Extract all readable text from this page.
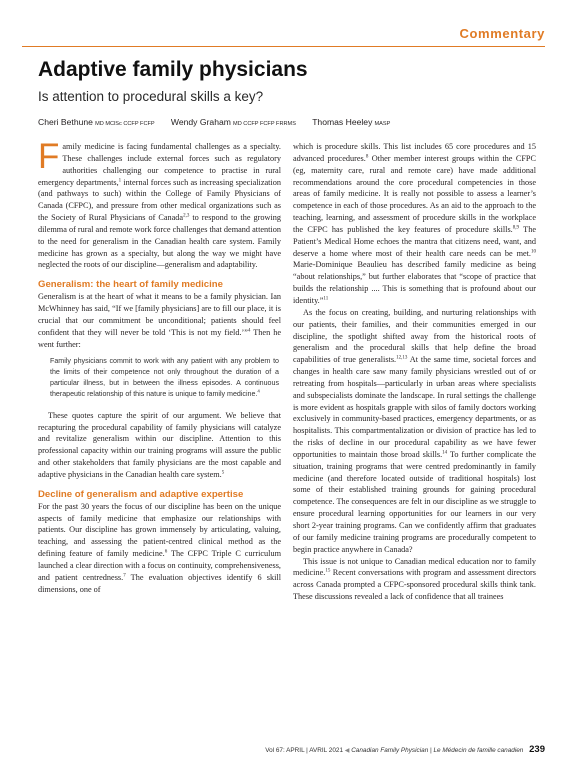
Commentary
Adaptive family physicians
Is attention to procedural skills a key?
Cheri Bethune MD MClSc CCFP FCFP Wendy Graham MD CCFP FCFP FRRMS Thomas Heeley MASP

Family medicine is facing fundamental challenges as a specialty. These challenges include external forces such as regulatory authorities challenging our competence to practise in rural emergency departments,$^1$ internal forces such as increasing specialization (and pathways to such) within the College of Family Physicians of Canada (CFPC), and pressure from other medical organizations such as the Society of Rural Physicians of Canada$^{2,3}$ to respond to the growing dilemma of rural and remote work force challenges that demand attention to the need for generalism in the Canadian health care system. Family medicine has grown as a specialty, but along the way we might have neglected the roots of our discipline—generalism and adaptability.

Generalism: the heart of family medicine

Generalism is at the heart of what it means to be a family physician. Ian McWhinney has said, “If we [family physicians] are to fill our place, it is crucial that our commitment be unconditional; patients should feel confident that they will never be told ‘This is not my field.’”$^4$ Then he went further:

Family physicians commit to work with any patient with any problem to the limits of their competence not only throughout the duration of a particular illness, but in between the illness episodes. A continuous therapeutic relationship of this nature is unique to family medicine.$^4$

These quotes capture the spirit of our argument. We believe that recapturing the procedural capability of family physicians will catalyze and revitalize generalism within our discipline. Attention to this professional capacity within our training programs will assure the public and other stakeholders that family physicians are the most capable and adaptive physicians in the Canadian health care system.$^5$

Decline of generalism and adaptive expertise

For the past 30 years the focus of our discipline has been on the unique aspects of family medicine that emphasize our relationships with patients. Our discipline has grown immensely by articulating, valuing, teaching, and assessing the patient-centred clinical method as the defining feature of family medicine.$^6$ The CFPC Triple C curriculum launched a clear direction with a focus on continuity, comprehensiveness, and patient centredness.$^7$ The evaluation objectives identify 6 skill dimensions, one of

which is procedure skills. This list includes 65 core procedures and 15 advanced procedures.$^8$ Other member interest groups within the CFPC (eg, maternity care, rural and remote care) have made additional recommendations around the core procedural competencies in those areas of family medicine. It is really not possible to assess a learner’s competence in each of those procedures. As an aid to the approach to the teaching, learning, and assessment of procedure skills in the workplace the CFPC has published the key features of procedure skills.$^{8,9}$ The Patient’s Medical Home echoes the mantra that citizens need, want, and deserve a home where most of their health care needs can be met.$^{10}$ Marie-Dominique Beaulieu has described family medicine as being “about relationships,” but further elaborates that “scope of practice that builds the relationship .... This is something that is profound about our identity.”$^{11}$

As the focus on creating, building, and nurturing relationships with our patients, their families, and their communities emerged in our discipline, the spotlight shifted away from the historical roots of generalism and the procedural skills that help define the broad capabilities of true generalists.$^{12,13}$ At the same time, societal forces and changes in health care saw many family physicians wrestled out of or retreating from hospitals—particularly in urban areas where specialists and subspecialists dominate the landscape. In rural settings the challenge is more evident as hospitals grapple with silos of family doctors working exclusively in community-based practices, emergency departments, or as hospitalists. This compartmentalization or division of practice has led to the risks of decline in our procedural capability as we have fewer opportunities to maintain those broad skills.$^{14}$ To further complicate the situation, training programs that were centred predominantly in family medicine (and therefore located outside of traditional hospitals) lost some of their established training grounds for gaining procedural competence. The consequences are felt in our discipline as we struggle to ensure procedural learning opportunities for our learners in our very short 2-year training programs. Can we confidently affirm that graduates of our family medicine training programs are procedurally competent to begin practice anywhere in Canada?

This issue is not unique to Canadian medical education nor to family medicine.$^{15}$ Recent conversations with program and assessment directors across Canada prompted a CFPC-sponsored procedural skills think tank. These discussions revealed a lack of confidence that all trainees

Vol 67: APRIL | AVRIL 2021 ◀ Canadian Family Physician | Le Médecin de famille canadien 239
